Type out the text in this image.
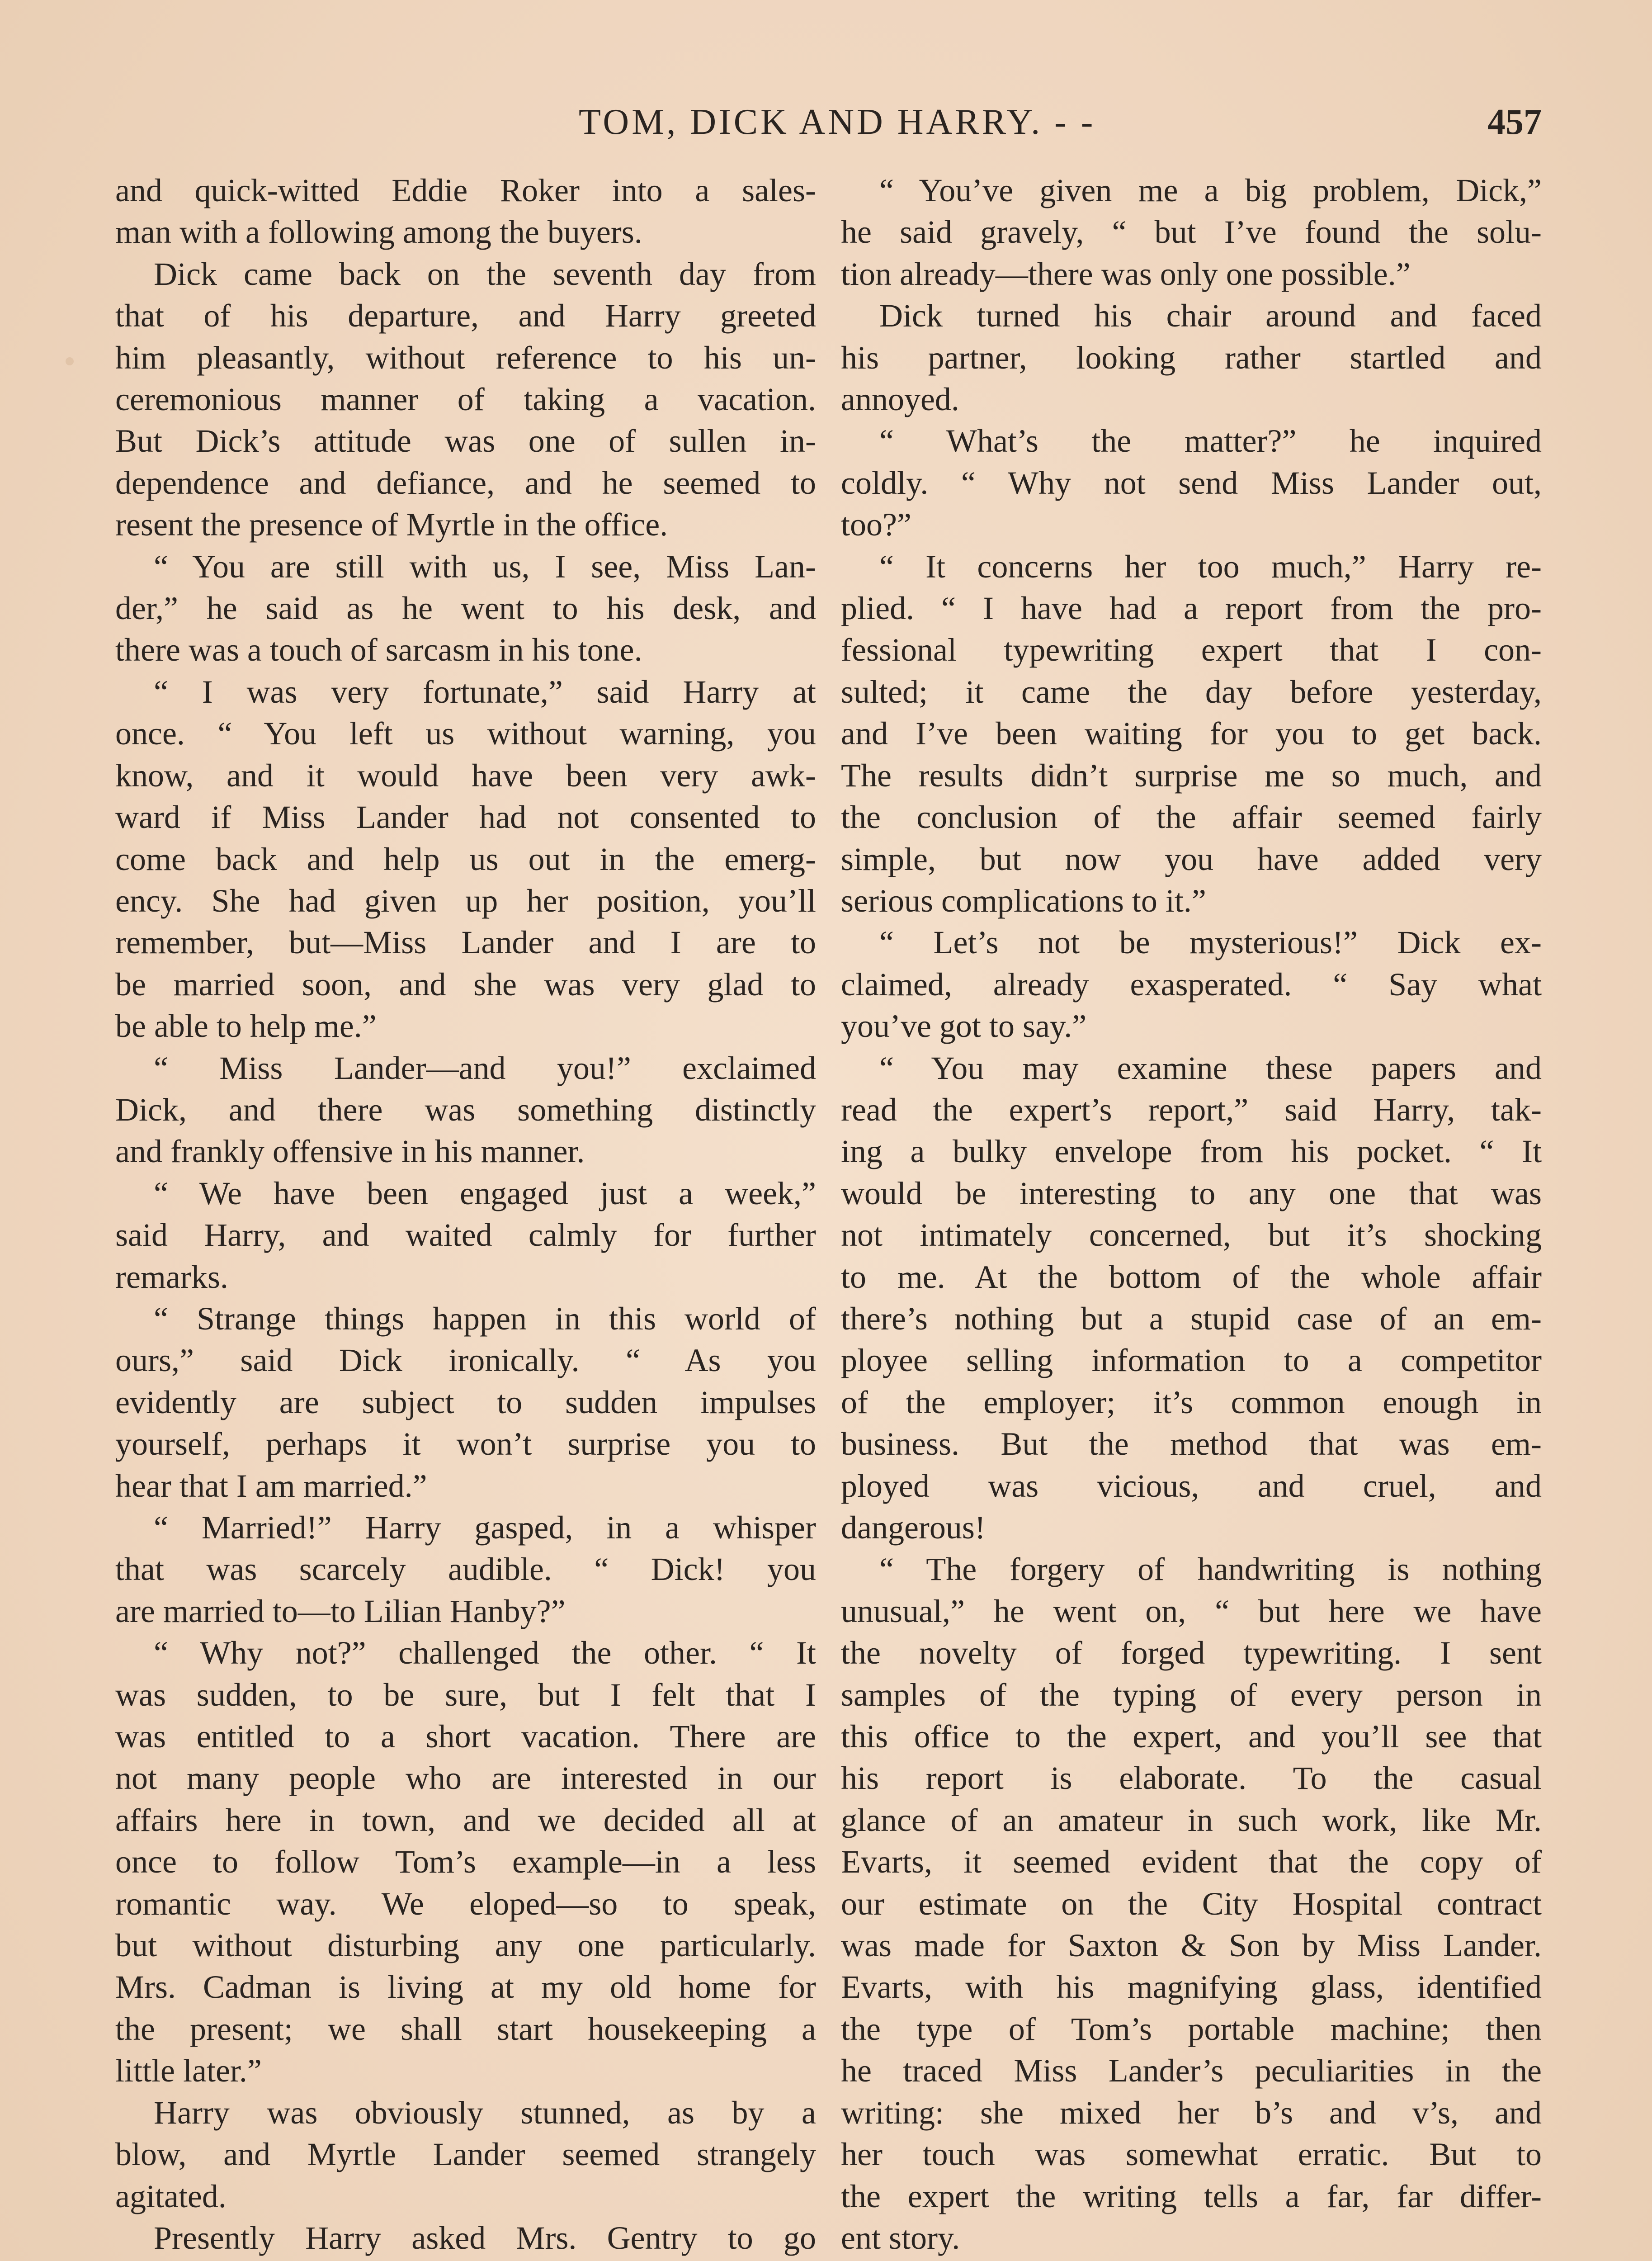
TOM, DICK AND HARRY. - -	457
and quick-witted Eddie Roker into a sales-
man with a following among the buyers.
Dick came back on the seventh day from
that of his departure, and Harry greeted
him pleasantly, without reference to his un-
ceremonious manner of taking a vacation.
But Dick’s attitude was one of sullen in-
dependence and defiance, and he seemed to
resent the presence of Myrtle in the office.
“ You are still with us, I see, Miss Lan-
der,” he said as he went to his desk, and
there was a touch of sarcasm in his tone.
“ I was very fortunate,” said Harry at
once. “ You left us without warning, you
know, and it would have been very awk-
ward if Miss Lander had not consented to
come back and help us out in the emerg-
ency. She had given up her position, you’ll
remember, but—Miss Lander and I are to
be married soon, and she was very glad to
be able to help me.”
“ Miss Lander—and you!” exclaimed
Dick, and there was something distinctly
and frankly offensive in his manner.
“ We have been engaged just a week,”
said Harry, and waited calmly for further
remarks.
“ Strange things happen in this world of
ours,” said Dick ironically. “ As you
evidently are subject to sudden impulses
yourself, perhaps it won’t surprise you to
hear that I am married.”
“ Married!” Harry gasped, in a whisper
that was scarcely audible. “ Dick! you
are married to—to Lilian Hanby?”
“ Why not?” challenged the other. “ It
was sudden, to be sure, but I felt that I
was entitled to a short vacation. There are
not many people who are interested in our
affairs here in town, and we decided all at
once to follow Tom’s example—in a less
romantic way. We eloped—so to speak,
but without disturbing any one particularly.
Mrs. Cadman is living at my old home for
the present; we shall start housekeeping a
little later.”
Harry was obviously stunned, as by a
blow, and Myrtle Lander seemed strangely
agitated.
Presently Harry asked Mrs. Gentry to go
“ You’ve given me a big problem, Dick,”
he said gravely, “ but I’ve found the solu-
tion already—there was only one possible.”
Dick turned his chair around and faced
his partner, looking rather startled and
annoyed.
“ What’s the matter?” he inquired
coldly. “ Why not send Miss Lander out,
too?”
“ It concerns her too much,” Harry re-
plied. “ I have had a report from the pro-
fessional typewriting expert that I con-
sulted; it came the day before yesterday,
and I’ve been waiting for you to get back.
The results didn’t surprise me so much, and
the conclusion of the affair seemed fairly
simple, but now you have added very
serious complications to it.”
“ Let’s not be mysterious!” Dick ex-
claimed, already exasperated. “ Say what
you’ve got to say.”
“ You may examine these papers and
read the expert’s report,” said Harry, tak-
ing a bulky envelope from his pocket. “ It
would be interesting to any one that was
not intimately concerned, but it’s shocking
to me. At the bottom of the whole affair
there’s nothing but a stupid case of an em-
ployee selling information to a competitor
of the employer; it’s common enough in
business. But the method that was em-
ployed was vicious, and cruel, and
dangerous!
“ The forgery of handwriting is nothing
unusual,” he went on, “ but here we have
the novelty of forged typewriting. I sent
samples of the typing of every person in
this office to the expert, and you’ll see that
his report is elaborate. To the casual
glance of an amateur in such work, like Mr.
Evarts, it seemed evident that the copy of
our estimate on the City Hospital contract
was made for Saxton & Son by Miss Lander.
Evarts, with his magnifying glass, identified
the type of Tom’s portable machine; then
he traced Miss Lander’s peculiarities in the
writing: she mixed her b’s and v’s, and
her touch was somewhat erratic. But to
the expert the writing tells a far, far differ-
ent story.
